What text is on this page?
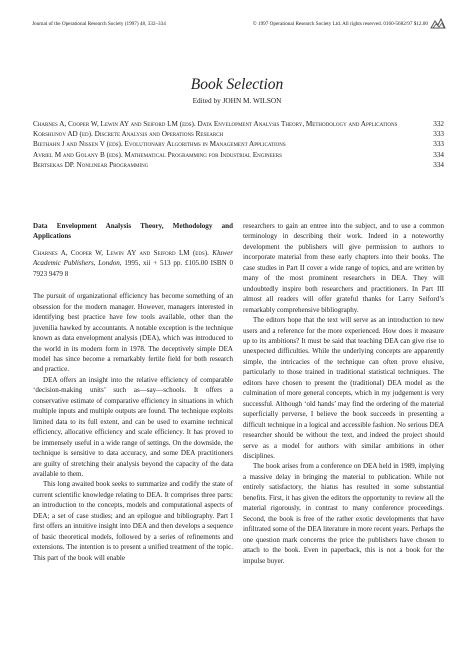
Journal of the Operational Research Society (1997) 48, 332–334	© 1997 Operational Research Society Ltd. All rights reserved. 0160-5682/97 $12.00
Book Selection
Edited by JOHN M. WILSON
Charnes A, Cooper W, Lewin AY and Seiford LM (eds). Data Envelopment Analysis Theory, Methodology and Applications	332
Korshunov AD (ed). Discrete Analysis and Operations Research	333
Biethahn J and Nissen V (eds). Evolutionary Algorithms in Management Applications	333
Avriel M and Golany B (eds). Mathematical Programming for Industrial Engineers	334
Bertsekas DP. Nonlinear Programming	334
Data Envelopment Analysis Theory, Methodology and Applications
Charnes A, Cooper W, Lewin AY and Seiford LM (eds). Kluwer Academic Publishers, London, 1995, xii + 513 pp. £105.00 ISBN 0 7923 9479 8

The pursuit of organizational efficiency has become something of an obsession for the modern manager. However, managers interested in identifying best practice have few tools available, other than the juvenilia hawked by accountants. A notable exception is the technique known as data envelopment analysis (DEA), which was introduced to the world in its modern form in 1978. The deceptively simple DEA model has since become a remarkably fertile field for both research and practice.

DEA offers an insight into the relative efficiency of comparable ‘decision-making units’ such as—say—schools. It offers a conservative estimate of comparative efficiency in situations in which multiple inputs and multiple outputs are found. The technique exploits limited data to its full extent, and can be used to examine technical efficiency, allocative efficiency and scale efficiency. It has proved to be immensely useful in a wide range of settings. On the downside, the technique is sensitive to data accuracy, and some DEA practitioners are guilty of stretching their analysis beyond the capacity of the data available to them.

This long awaited book seeks to summarize and codify the state of current scientific knowledge relating to DEA. It comprises three parts: an introduction to the concepts, models and computational aspects of DEA; a set of case studies; and an epilogue and bibliography. Part I first offers an intuitive insight into DEA and then develops a sequence of basic theoretical models, followed by a series of refinements and extensions. The intention is to present a unified treatment of the topic. This part of the book will enable

researchers to gain an entree into the subject, and to use a common terminology in describing their work. Indeed in a noteworthy development the publishers will give permission to authors to incorporate material from these early chapters into their books. The case studies in Part II cover a wide range of topics, and are written by many of the most prominent researchers in DEA. They will undoubtedly inspire both researchers and practitioners. In Part III almost all readers will offer grateful thanks for Larry Seiford’s remarkably comprehensive bibliography.

The editors hope that the text will serve as an introduction to new users and a reference for the more experienced. How does it measure up to its ambitions? It must be said that teaching DEA can give rise to unexpected difficulties. While the underlying concepts are apparently simple, the intricacies of the technique can often prove elusive, particularly to those trained in traditional statistical techniques. The editors have chosen to present the (traditional) DEA model as the culmination of more general concepts, which in my judgement is very successful. Although ‘old hands’ may find the ordering of the material superficially perverse, I believe the book succeeds in presenting a difficult technique in a logical and accessible fashion. No serious DEA researcher should be without the text, and indeed the project should serve as a model for authors with similar ambitions in other disciplines.

The book arises from a conference on DEA held in 1989, implying a massive delay in bringing the material to publication. While not entirely satisfactory, the hiatus has resulted in some substantial benefits. First, it has given the editors the opportunity to review all the material rigorously, in contrast to many conference proceedings. Second, the book is free of the rather exotic developments that have infiltrated some of the DEA literature in more recent years. Perhaps the one question mark concerns the price the publishers have chosen to attach to the book. Even in paperback, this is not a book for the impulse buyer.
